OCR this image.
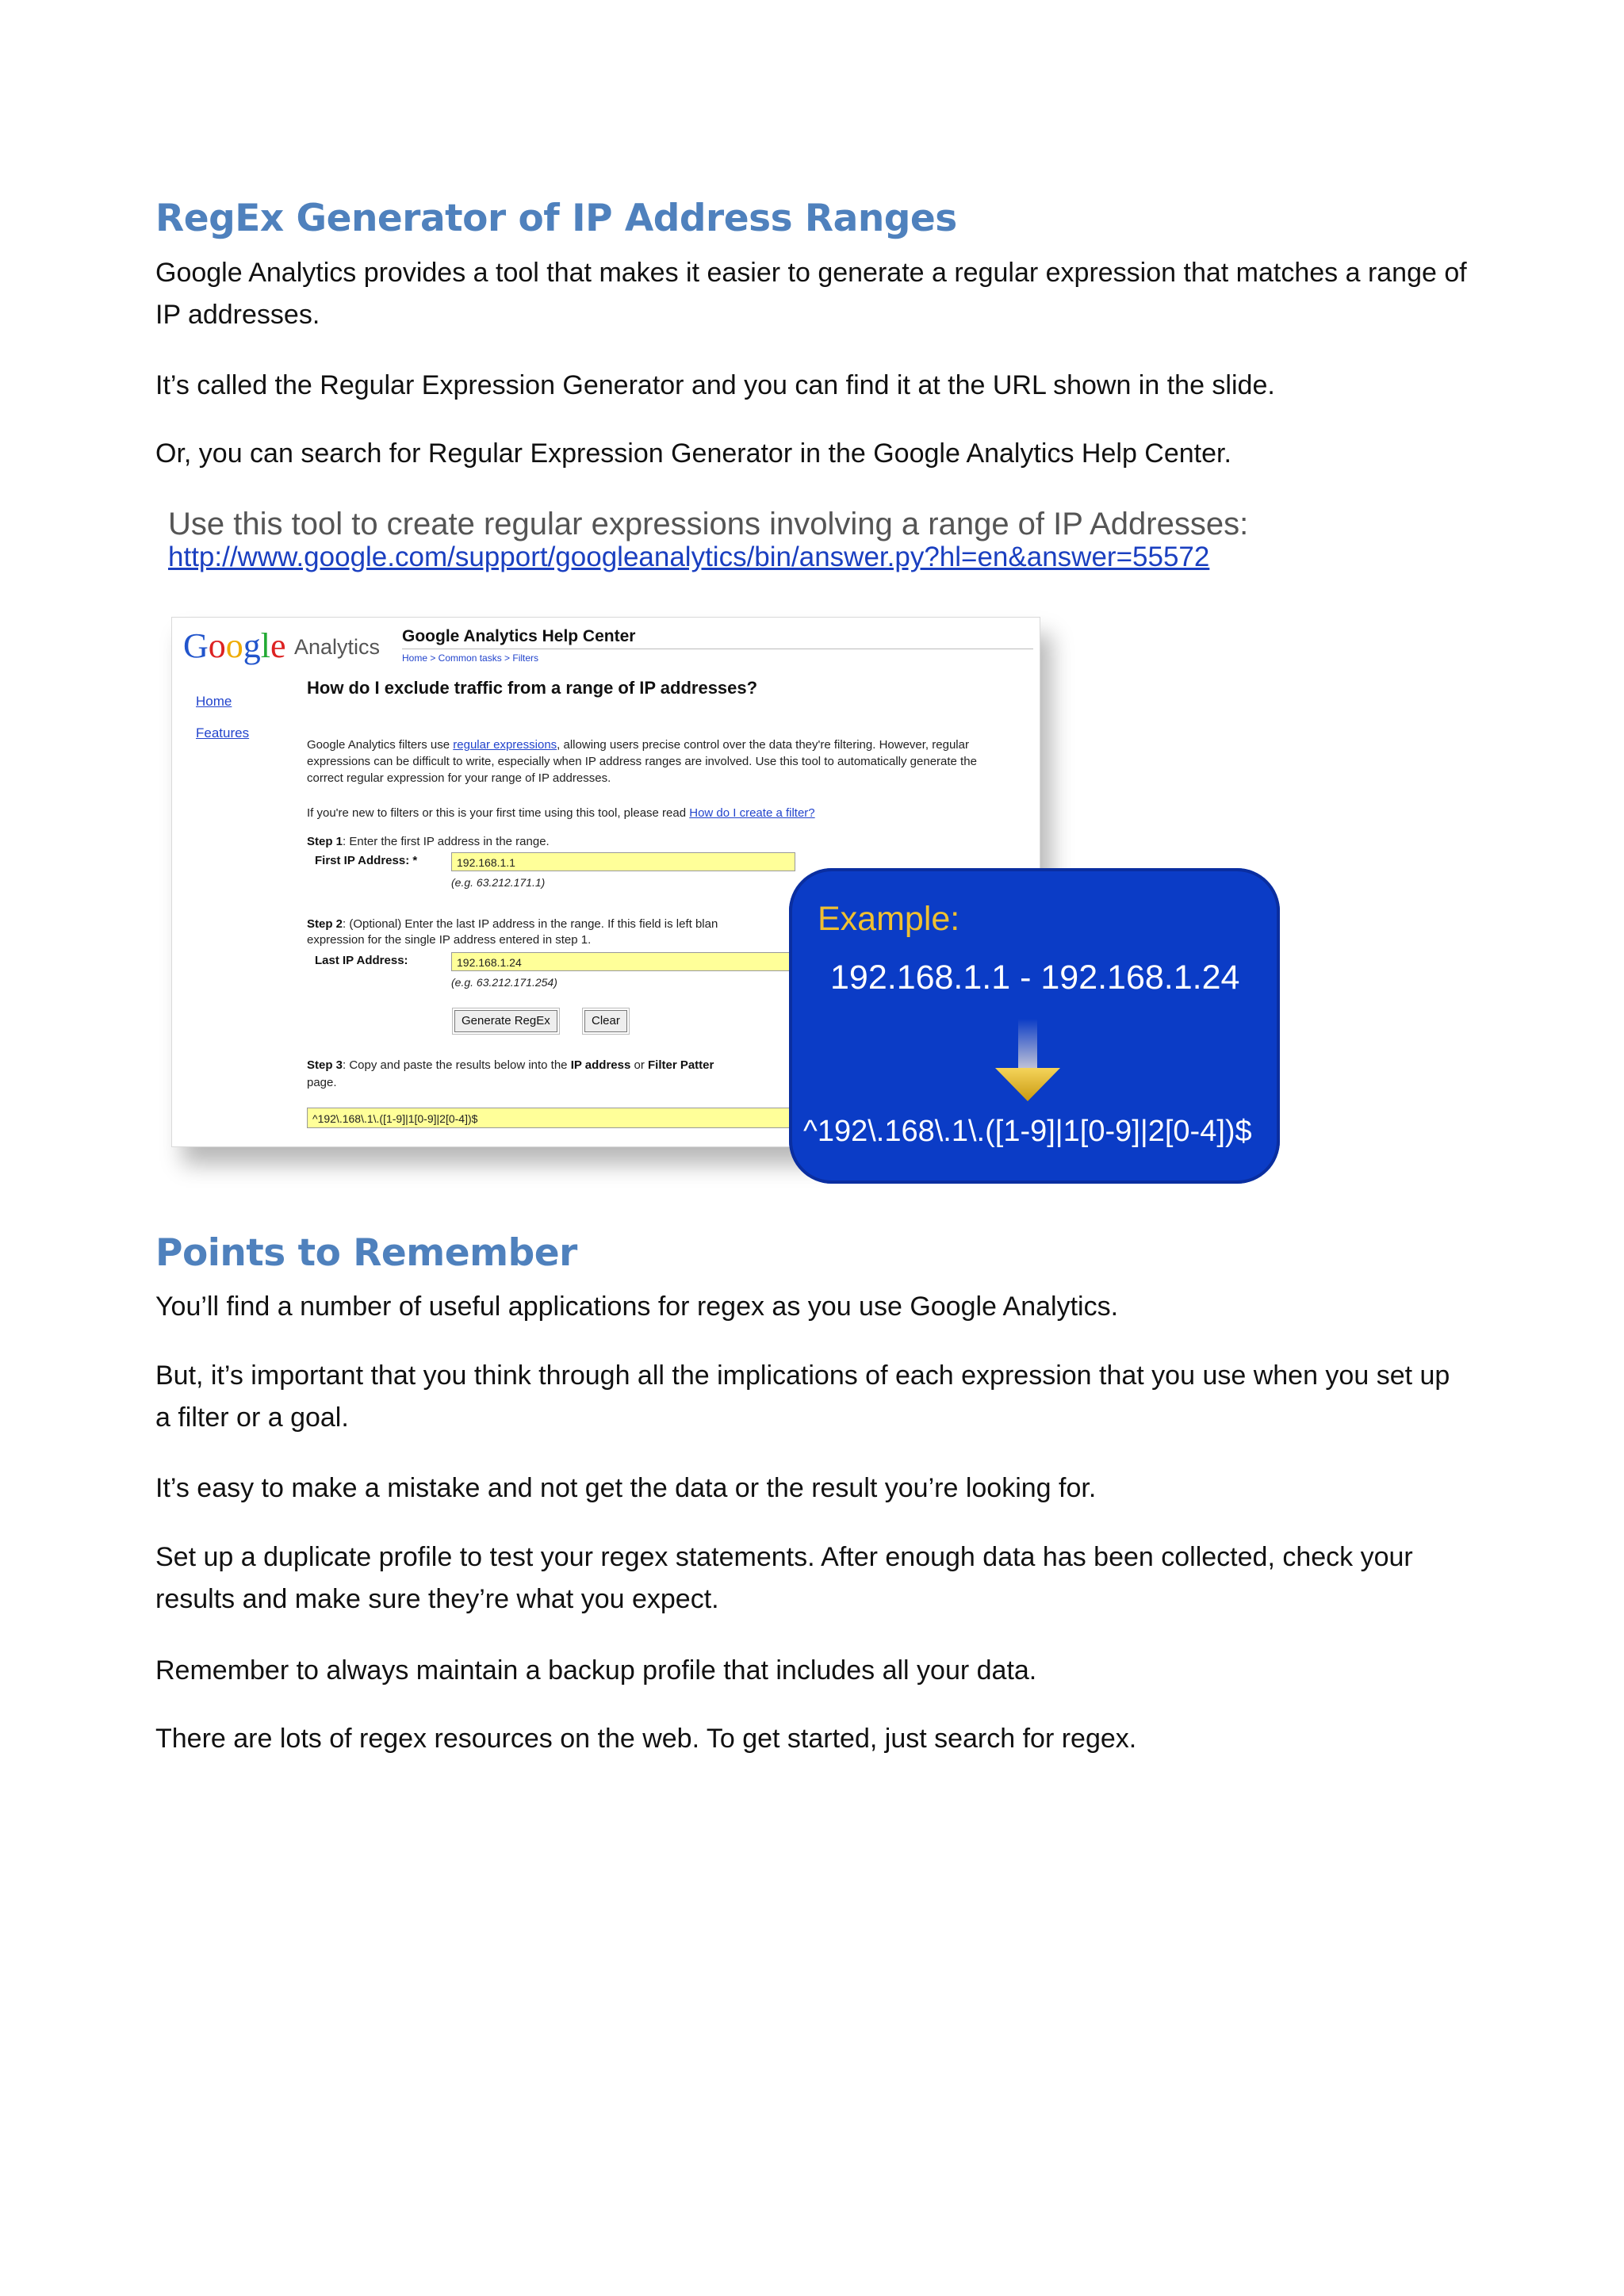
RegEx Generator of IP Address Ranges

Google Analytics provides a tool that makes it easier to generate a regular expression that matches a range of IP addresses.

It’s called the Regular Expression Generator and you can find it at the URL shown in the slide.

Or, you can search for Regular Expression Generator in the Google Analytics Help Center.

Use this tool to create regular expressions involving a range of IP Addresses:

http://www.google.com/support/googleanalytics/bin/answer.py?hl=en&answer=55572

Google Analytics Google Analytics Help Center
Home > Common tasks > Filters
Home
Features
How do I exclude traffic from a range of IP addresses?

Google Analytics filters use regular expressions, allowing users precise control over the data they're filtering. However, regular expressions can be difficult to write, especially when IP address ranges are involved. Use this tool to automatically generate the correct regular expression for your range of IP addresses.

If you're new to filters or this is your first time using this tool, please read How do I create a filter?

Step 1: Enter the first IP address in the range.
First IP Address: *	192.168.1.1
(e.g. 63.212.171.1)
Step 2: (Optional) Enter the last IP address in the range. If this field is left blan
expression for the single IP address entered in step 1.
Last IP Address:	192.168.1.24
(e.g. 63.212.171.254)
Generate RegEx	Clear
Step 3: Copy and paste the results below into the IP address or Filter Patter
page.
^192\.168\.1\.([1-9]|1[0-9]|2[0-4])$

Example:

192.168.1.1 - 192.168.1.24

^192\.168\.1\.([1-9]|1[0-9]|2[0-4])$

Points to Remember

You’ll find a number of useful applications for regex as you use Google Analytics.

But, it’s important that you think through all the implications of each expression that you use when you set up a filter or a goal.

It’s easy to make a mistake and not get the data or the result you’re looking for.

Set up a duplicate profile to test your regex statements. After enough data has been collected, check your results and make sure they’re what you expect.

Remember to always maintain a backup profile that includes all your data.

There are lots of regex resources on the web. To get started, just search for regex.
